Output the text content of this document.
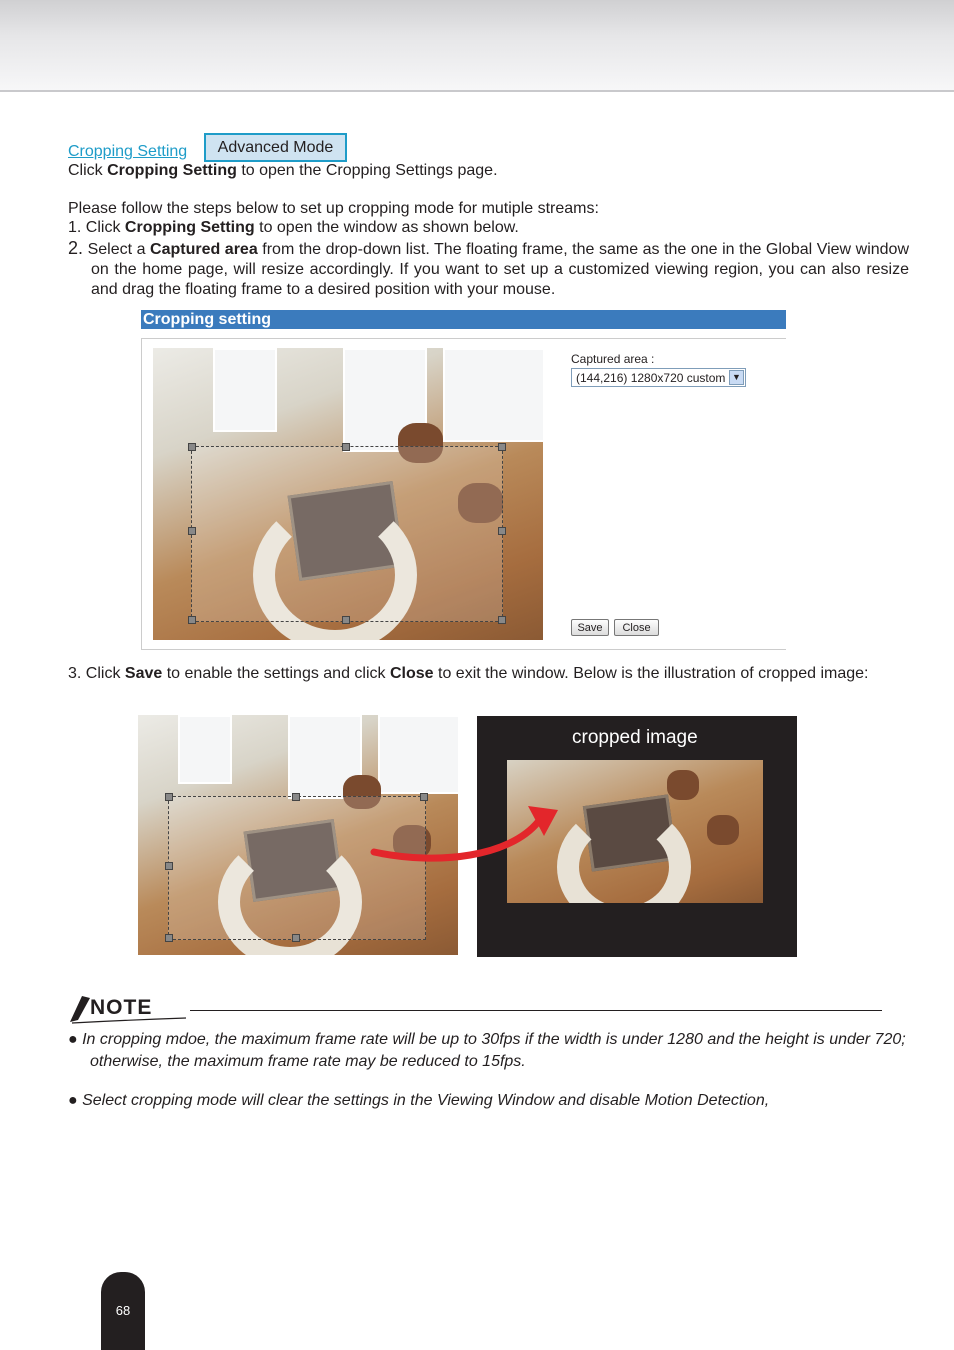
Cropping Setting	Advanced Mode
Click Cropping Setting to open the Cropping Settings page.
Please follow the steps below to set up cropping mode for mutiple streams:
1. Click Cropping Setting to open the window as shown below.
2. Select a Captured area from the drop-down list. The floating frame, the same as the one in the Global View window on the home page, will resize accordingly. If you want to set up a customized viewing region, you can also resize and drag the floating frame to a desired position with your mouse.
Cropping setting
Captured area :
(144,216) 1280x720 custom ▼
Save	Close
3. Click Save to enable the settings and click Close to exit the window. Below is the illustration of cropped image:
cropped image
NOTE
● In cropping mdoe, the maximum frame rate will be up to 30fps if the width is under 1280 and the height is under 720; otherwise, the maximum frame rate may be reduced to 15fps.
● Select cropping mode will clear the settings in the Viewing Window and disable Motion Detection,
68
